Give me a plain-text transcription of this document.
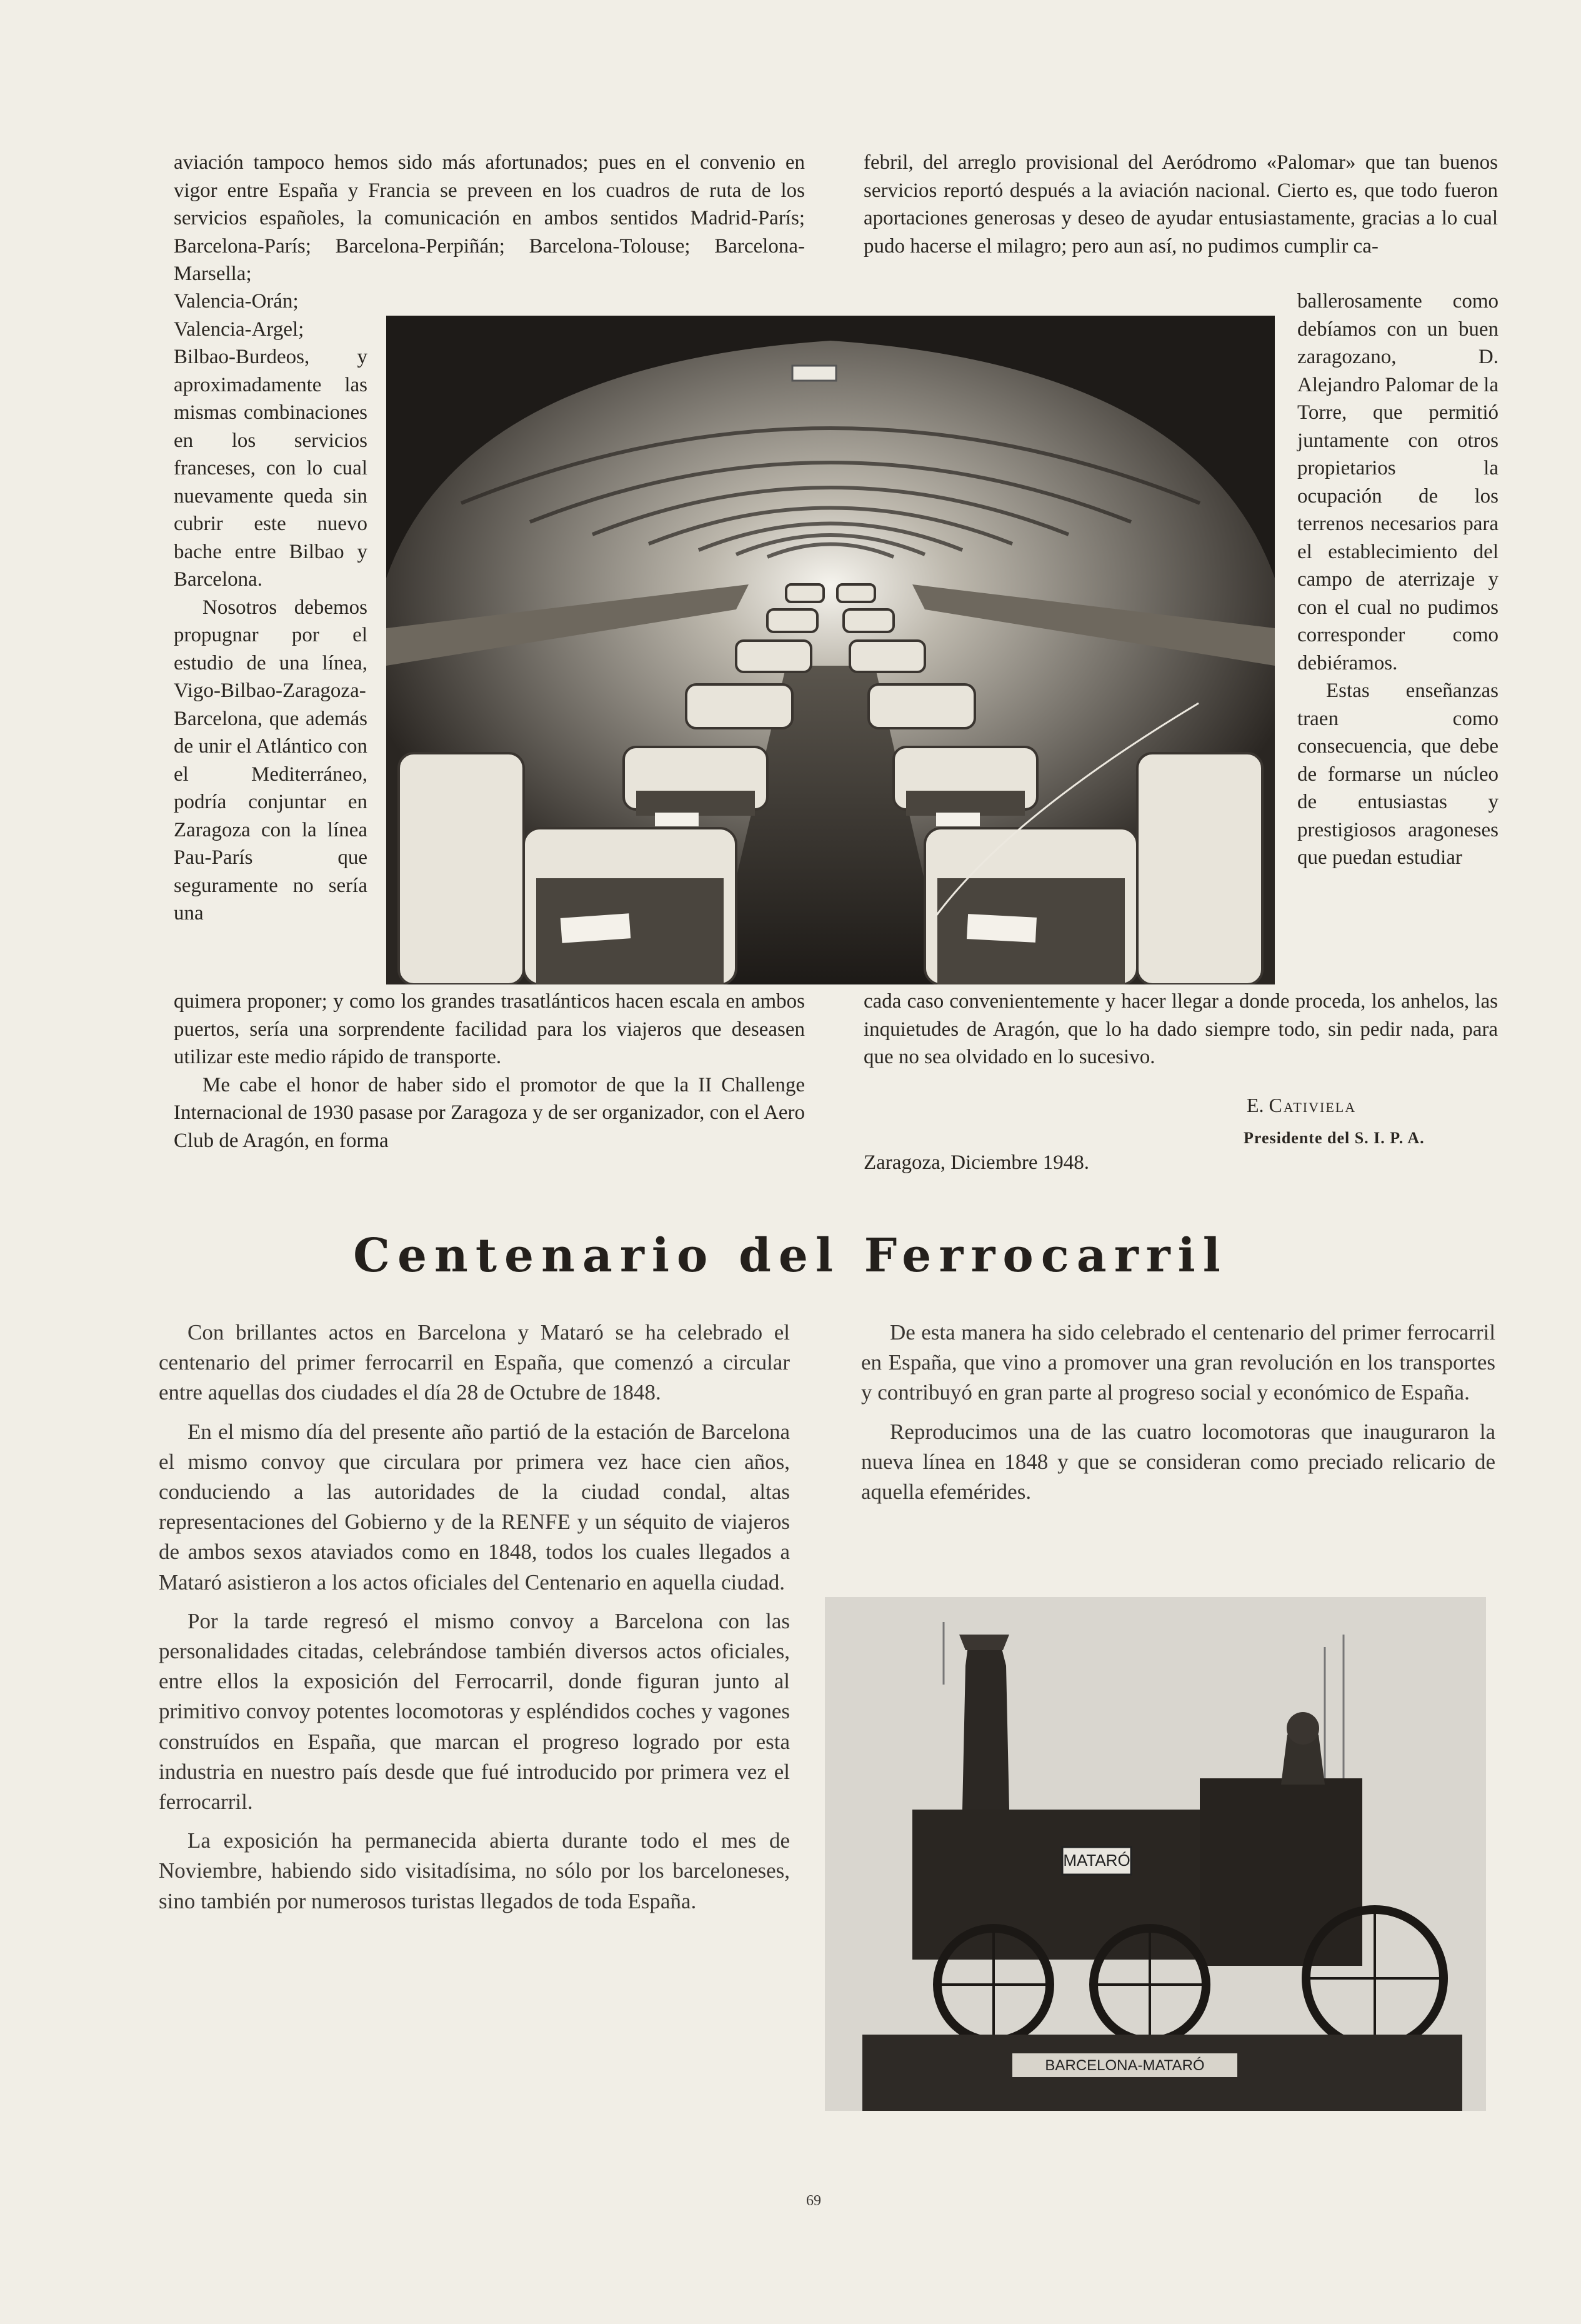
aviación tampoco hemos sido más afortunados; pues en el convenio en vigor entre España y Francia se preveen en los cuadros de ruta de los servicios españoles, la comunicación en ambos sentidos Madrid-París; Barcelona-París; Barcelona-Perpiñán; Barcelona-Tolouse; Barcelona-Marsella;

Valencia-Orán; Valencia-Argel; Bilbao-Burdeos, y aproximadamente las mismas combinaciones en los servicios franceses, con lo cual nuevamente queda sin cubrir este nuevo bache entre Bilbao y Barcelona.

Nosotros debemos propugnar por el estudio de una línea, Vigo-Bilbao-Zaragoza-Barcelona, que además de unir el Atlántico con el Mediterráneo, podría conjuntar en Zaragoza con la línea Pau-París que seguramente no sería una

quimera proponer; y como los grandes trasatlánticos hacen escala en ambos puertos, sería una sorprendente facilidad para los viajeros que deseasen utilizar este medio rápido de transporte.

Me cabe el honor de haber sido el promotor de que la II Challenge Internacional de 1930 pasase por Zaragoza y de ser organizador, con el Aero Club de Aragón, en forma

febril, del arreglo provisional del Aeródromo «Palomar» que tan buenos servicios reportó después a la aviación nacional. Cierto es, que todo fueron aportaciones generosas y deseo de ayudar entusiastamente, gracias a lo cual pudo hacerse el milagro; pero aun así, no pudimos cumplir ca-

ballerosamente como debíamos con un buen zaragozano, D. Alejandro Palomar de la Torre, que permitió juntamente con otros propietarios la ocupación de los terrenos necesarios para el establecimiento del campo de aterrizaje y con el cual no pudimos corresponder como debiéramos.

Estas enseñanzas traen como consecuencia, que debe de formarse un núcleo de entusiastas y prestigiosos aragoneses que puedan estudiar

cada caso convenientemente y hacer llegar a donde proceda, los anhelos, las inquietudes de Aragón, que lo ha dado siempre todo, sin pedir nada, para que no sea olvidado en lo sucesivo.

E. Cativiela
Presidente del S. I. P. A.
Zaragoza, Diciembre 1948.
Centenario del Ferrocarril

Con brillantes actos en Barcelona y Mataró se ha celebrado el centenario del primer ferrocarril en España, que comenzó a circular entre aquellas dos ciudades el día 28 de Octubre de 1848.

En el mismo día del presente año partió de la estación de Barcelona el mismo convoy que circulara por primera vez hace cien años, conduciendo a las autoridades de la ciudad condal, altas representaciones del Gobierno y de la RENFE y un séquito de viajeros de ambos sexos ataviados como en 1848, todos los cuales llegados a Mataró asistieron a los actos oficiales del Centenario en aquella ciudad.

Por la tarde regresó el mismo convoy a Barcelona con las personalidades citadas, celebrándose también diversos actos oficiales, entre ellos la exposición del Ferrocarril, donde figuran junto al primitivo convoy potentes locomotoras y espléndidos coches y vagones construídos en España, que marcan el progreso logrado por esta industria en nuestro país desde que fué introducido por primera vez el ferrocarril.

La exposición ha permanecida abierta durante todo el mes de Noviembre, habiendo sido visitadísima, no sólo por los barceloneses, sino también por numerosos turistas llegados de toda España.

De esta manera ha sido celebrado el centenario del primer ferrocarril en España, que vino a promover una gran revolución en los transportes y contribuyó en gran parte al progreso social y económico de España.

Reproducimos una de las cuatro locomotoras que inauguraron la nueva línea en 1848 y que se consideran como preciado relicario de aquella efemérides.

MATARÓ
BARCELONA-MATARÓ
69
